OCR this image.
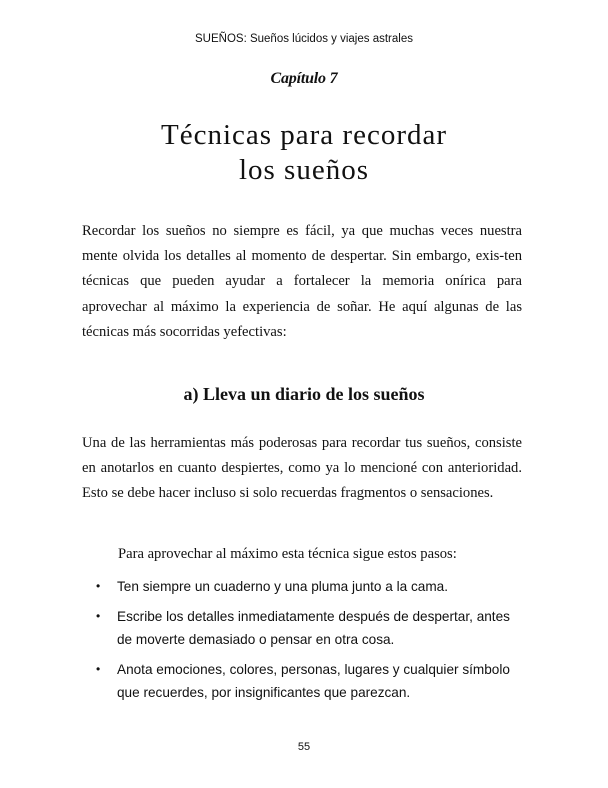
SUEÑOS: Sueños lúcidos y viajes astrales
Capítulo 7
Técnicas para recordar
los sueños

Recordar los sueños no siempre es fácil, ya que muchas veces nuestra mente olvida los detalles al momento de despertar. Sin embargo, exis-ten técnicas que pueden ayudar a fortalecer la memoria onírica para aprovechar al máximo la experiencia de soñar. He aquí algunas de las técnicas más socorridas yefectivas:

a) Lleva un diario de los sueños

Una de las herramientas más poderosas para recordar tus sueños, consiste en anotarlos en cuanto despiertes, como ya lo mencioné con anterioridad. Esto se debe hacer incluso si solo recuerdas fragmentos o sensaciones.

Para aprovechar al máximo esta técnica sigue estos pasos:

• Ten siempre un cuaderno y una pluma junto a la cama.
• Escribe los detalles inmediatamente después de despertar, antes de moverte demasiado o pensar en otra cosa.
• Anota emociones, colores, personas, lugares y cualquier símbolo que recuerdes, por insignificantes que parezcan.
55
